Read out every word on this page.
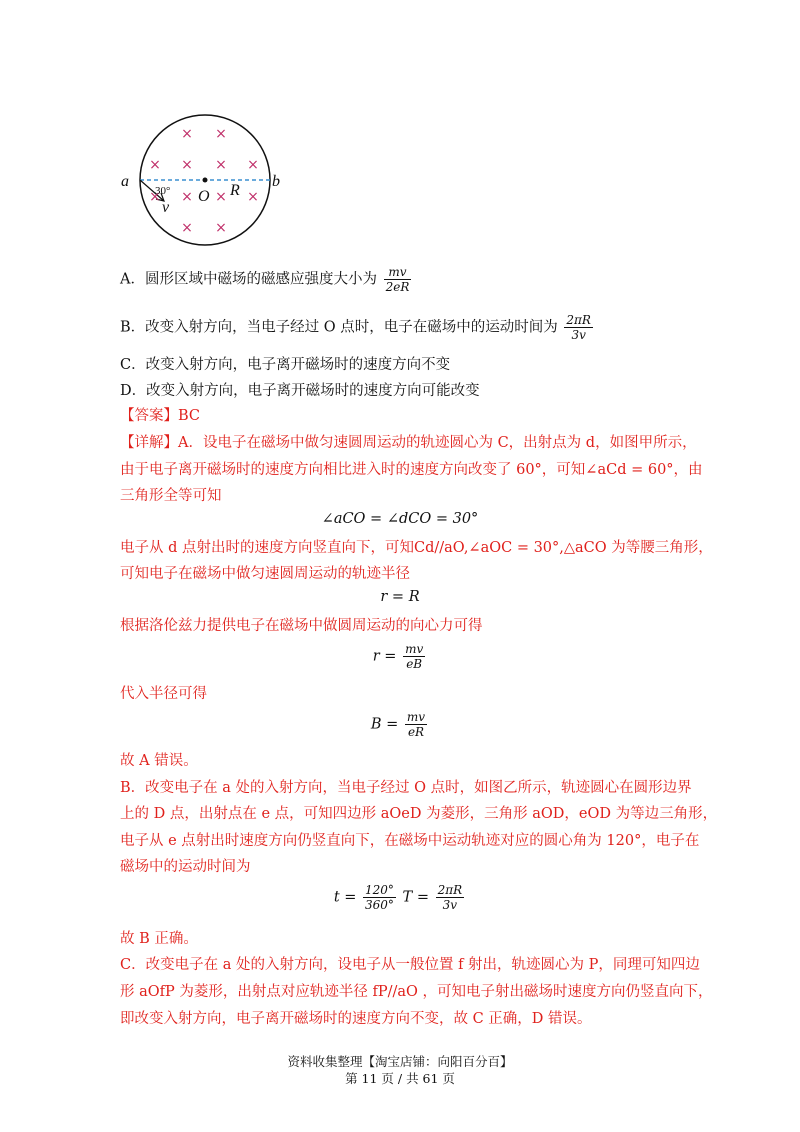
× ×
× × × ×
× × × ×
× ×
a	b
O R
v
30°
A．圆形区域中磁场的磁感应强度大小为 $\frac{mv}{2eR}$
B．改变入射方向，当电子经过 O 点时，电子在磁场中的运动时间为 $\frac{2\pi R}{3v}$
C．改变入射方向，电子离开磁场时的速度方向不变
D．改变入射方向，电子离开磁场时的速度方向可能改变
【答案】BC
【详解】A．设电子在磁场中做匀速圆周运动的轨迹圆心为 C，出射点为 d，如图甲所示，
由于电子离开磁场时的速度方向相比进入时的速度方向改变了 60°，可知∠aCd = 60°，由
三角形全等可知
∠aCO = ∠dCO = 30°
电子从 d 点射出时的速度方向竖直向下，可知Cd//aO,∠aOC = 30°,△aCO 为等腰三角形，
可知电子在磁场中做匀速圆周运动的轨迹半径
r = R
根据洛伦兹力提供电子在磁场中做圆周运动的向心力可得
$r = \frac{mv}{eB}$
代入半径可得
$B = \frac{mv}{eR}$
故 A 错误。
B．改变电子在 a 处的入射方向，当电子经过 O 点时，如图乙所示，轨迹圆心在圆形边界
上的 D 点，出射点在 e 点，可知四边形 aOeD 为菱形，三角形 aOD，eOD 为等边三角形，
电子从 e 点射出时速度方向仍竖直向下，在磁场中运动轨迹对应的圆心角为 120°，电子在
磁场中的运动时间为
$t = \frac{120^\circ}{360^\circ}$ $T = \frac{2\pi R}{3v}$
故 B 正确。
C．改变电子在 a 处的入射方向，设电子从一般位置 f 射出，轨迹圆心为 P，同理可知四边
形 aOfP 为菱形，出射点对应轨迹半径 fP//aO ，可知电子射出磁场时速度方向仍竖直向下，
即改变入射方向，电子离开磁场时的速度方向不变，故 C 正确，D 错误。
资料收集整理【淘宝店铺：向阳百分百】
第 11 页 / 共 61 页
